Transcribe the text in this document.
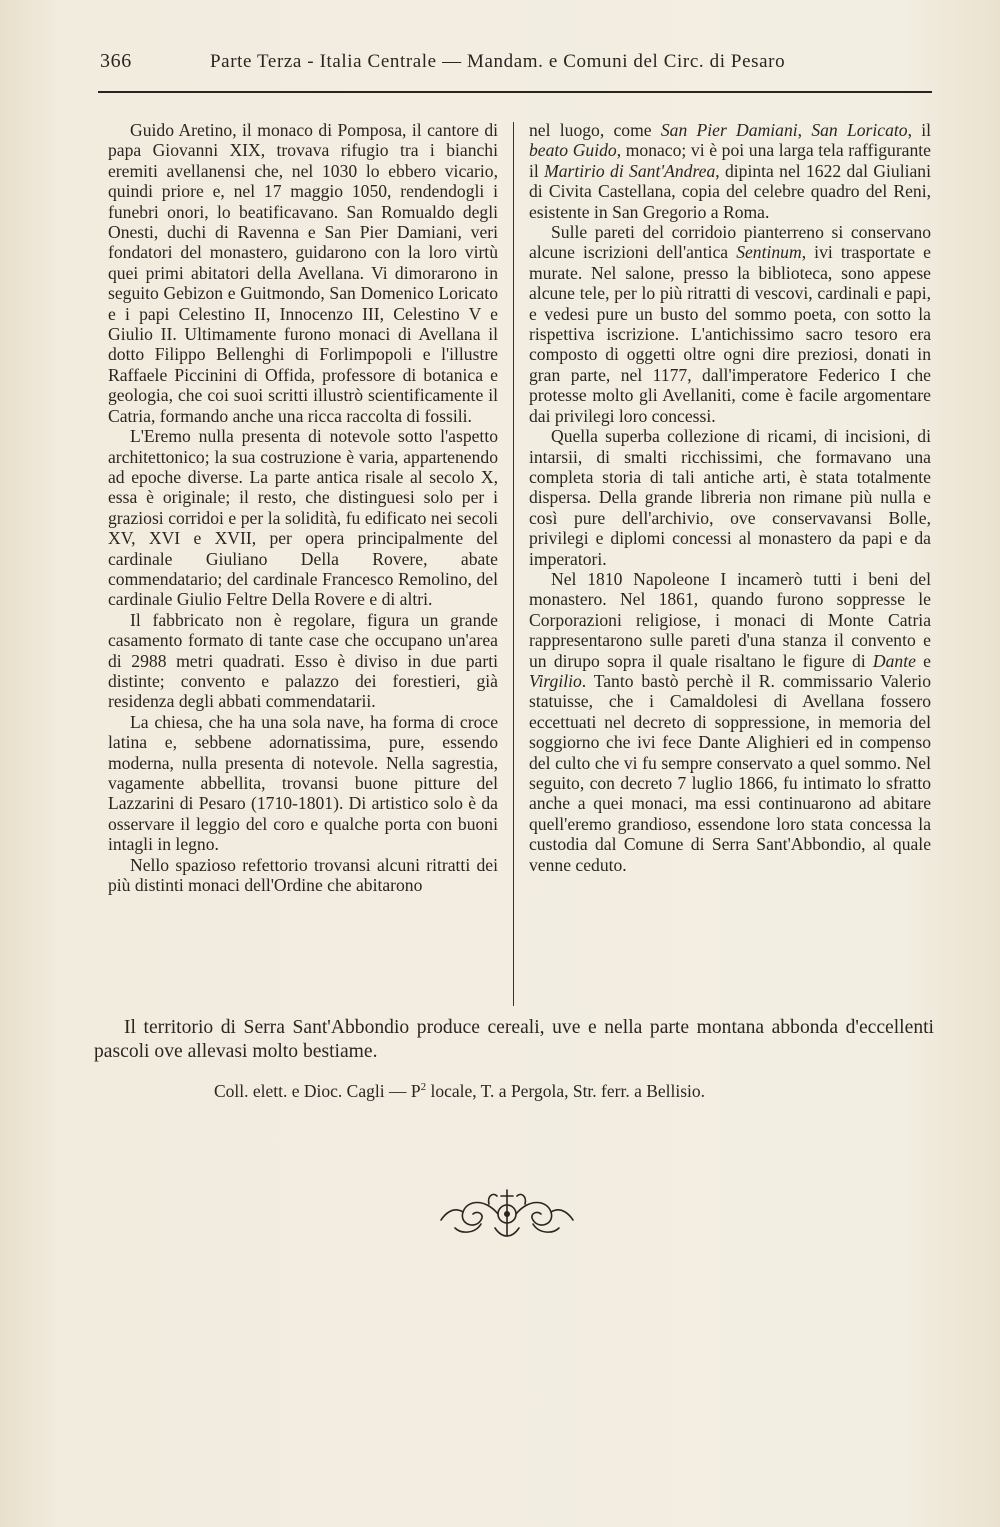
366	Parte Terza - Italia Centrale — Mandam. e Comuni del Circ. di Pesaro

Guido Aretino, il monaco di Pomposa, il cantore di papa Giovanni XIX, trovava rifugio tra i bianchi eremiti avellanensi che, nel 1030 lo ebbero vicario, quindi priore e, nel 17 maggio 1050, rendendogli i funebri onori, lo beatificavano. San Romualdo degli Onesti, duchi di Ravenna e San Pier Damiani, veri fondatori del monastero, guidarono con la loro virtù quei primi abitatori della Avellana. Vi dimorarono in seguito Gebizon e Guitmondo, San Domenico Loricato e i papi Celestino II, Innocenzo III, Celestino V e Giulio II. Ultimamente furono monaci di Avellana il dotto Filippo Bellenghi di Forlimpopoli e l'illustre Raffaele Piccinini di Offida, professore di botanica e geologia, che coi suoi scritti illustrò scientificamente il Catria, formando anche una ricca raccolta di fossili.

L'Eremo nulla presenta di notevole sotto l'aspetto architettonico; la sua costruzione è varia, appartenendo ad epoche diverse. La parte antica risale al secolo X, essa è originale; il resto, che distinguesi solo per i graziosi corridoi e per la solidità, fu edificato nei secoli XV, XVI e XVII, per opera principalmente del cardinale Giuliano Della Rovere, abate commendatario; del cardinale Francesco Remolino, del cardinale Giulio Feltre Della Rovere e di altri.

Il fabbricato non è regolare, figura un grande casamento formato di tante case che occupano un'area di 2988 metri quadrati. Esso è diviso in due parti distinte; convento e palazzo dei forestieri, già residenza degli abbati commendatarii.

La chiesa, che ha una sola nave, ha forma di croce latina e, sebbene adornatissima, pure, essendo moderna, nulla presenta di notevole. Nella sagrestia, vagamente abbellita, trovansi buone pitture del Lazzarini di Pesaro (1710-1801). Di artistico solo è da osservare il leggio del coro e qualche porta con buoni intagli in legno.

Nello spazioso refettorio trovansi alcuni ritratti dei più distinti monaci dell'Ordine che abitarono

nel luogo, come San Pier Damiani, San Loricato, il beato Guido, monaco; vi è poi una larga tela raffigurante il Martirio di Sant'Andrea, dipinta nel 1622 dal Giuliani di Civita Castellana, copia del celebre quadro del Reni, esistente in San Gregorio a Roma.

Sulle pareti del corridoio pianterreno si conservano alcune iscrizioni dell'antica Sentinum, ivi trasportate e murate. Nel salone, presso la biblioteca, sono appese alcune tele, per lo più ritratti di vescovi, cardinali e papi, e vedesi pure un busto del sommo poeta, con sotto la rispettiva iscrizione. L'antichissimo sacro tesoro era composto di oggetti oltre ogni dire preziosi, donati in gran parte, nel 1177, dall'imperatore Federico I che protesse molto gli Avellaniti, come è facile argomentare dai privilegi loro concessi.

Quella superba collezione di ricami, di incisioni, di intarsii, di smalti ricchissimi, che formavano una completa storia di tali antiche arti, è stata totalmente dispersa. Della grande libreria non rimane più nulla e così pure dell'archivio, ove conservavansi Bolle, privilegi e diplomi concessi al monastero da papi e da imperatori.

Nel 1810 Napoleone I incamerò tutti i beni del monastero. Nel 1861, quando furono soppresse le Corporazioni religiose, i monaci di Monte Catria rappresentarono sulle pareti d'una stanza il convento e un dirupo sopra il quale risaltano le figure di Dante e Virgilio. Tanto bastò perchè il R. commissario Valerio statuisse, che i Camaldolesi di Avellana fossero eccettuati nel decreto di soppressione, in memoria del soggiorno che ivi fece Dante Alighieri ed in compenso del culto che vi fu sempre conservato a quel sommo. Nel seguito, con decreto 7 luglio 1866, fu intimato lo sfratto anche a quei monaci, ma essi continuarono ad abitare quell'eremo grandioso, essendone loro stata concessa la custodia dal Comune di Serra Sant'Abbondio, al quale venne ceduto.

Il territorio di Serra Sant'Abbondio produce cereali, uve e nella parte montana abbonda d'eccellenti pascoli ove allevasi molto bestiame.
Coll. elett. e Dioc. Cagli — $P^2$ locale, T. a Pergola, Str. ferr. a Bellisio.
